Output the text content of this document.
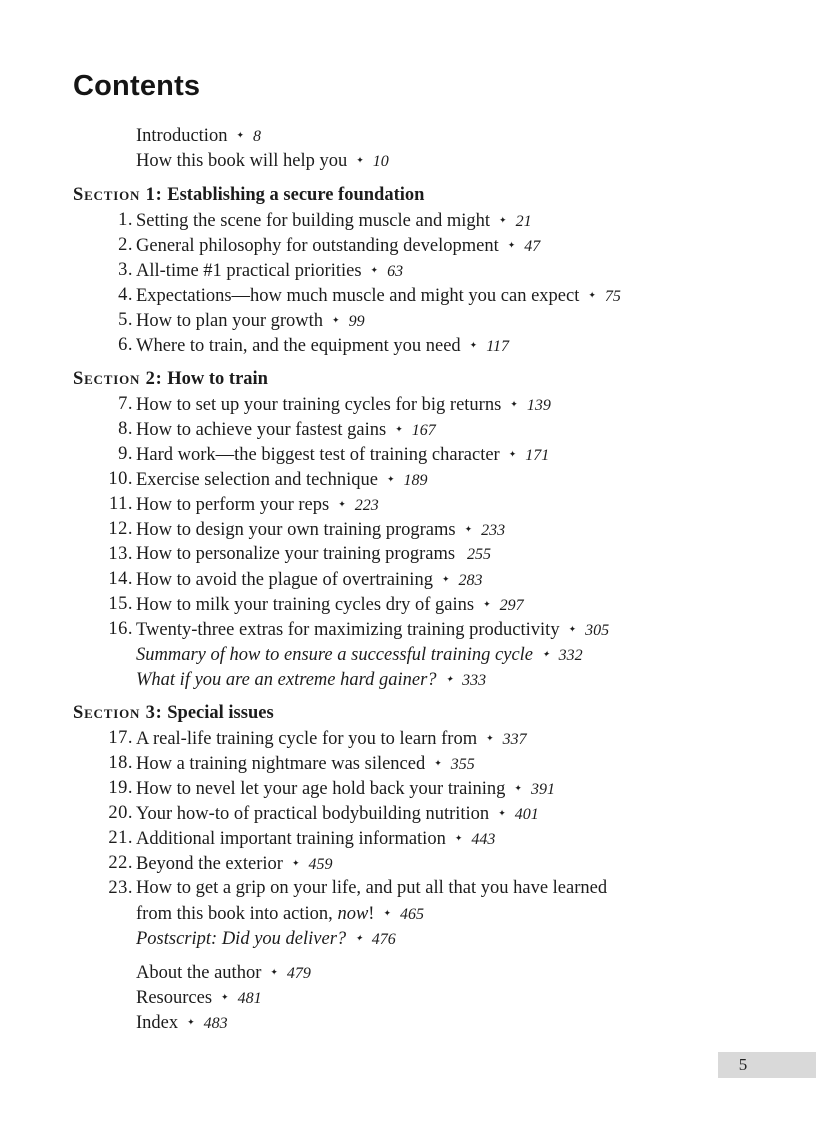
Contents
Introduction ✦ 8
How this book will help you ✦ 10
Section 1: Establishing a secure foundation
1. Setting the scene for building muscle and might ✦ 21
2. General philosophy for outstanding development ✦ 47
3. All-time #1 practical priorities ✦ 63
4. Expectations—how much muscle and might you can expect ✦ 75
5. How to plan your growth ✦ 99
6. Where to train, and the equipment you need ✦ 117
Section 2: How to train
7. How to set up your training cycles for big returns ✦ 139
8. How to achieve your fastest gains ✦ 167
9. Hard work—the biggest test of training character ✦ 171
10. Exercise selection and technique ✦ 189
11. How to perform your reps ✦ 223
12. How to design your own training programs ✦ 233
13. How to personalize your training programs 255
14. How to avoid the plague of overtraining ✦ 283
15. How to milk your training cycles dry of gains ✦ 297
16. Twenty-three extras for maximizing training productivity ✦ 305
Summary of how to ensure a successful training cycle ✦ 332
What if you are an extreme hard gainer? ✦ 333
Section 3: Special issues
17. A real-life training cycle for you to learn from ✦ 337
18. How a training nightmare was silenced ✦ 355
19. How to nevel let your age hold back your training ✦ 391
20. Your how-to of practical bodybuilding nutrition ✦ 401
21. Additional important training information ✦ 443
22. Beyond the exterior ✦ 459
23. How to get a grip on your life, and put all that you have learned
from this book into action, now! ✦ 465
Postscript: Did you deliver? ✦ 476
About the author ✦ 479
Resources ✦ 481
Index ✦ 483
5
